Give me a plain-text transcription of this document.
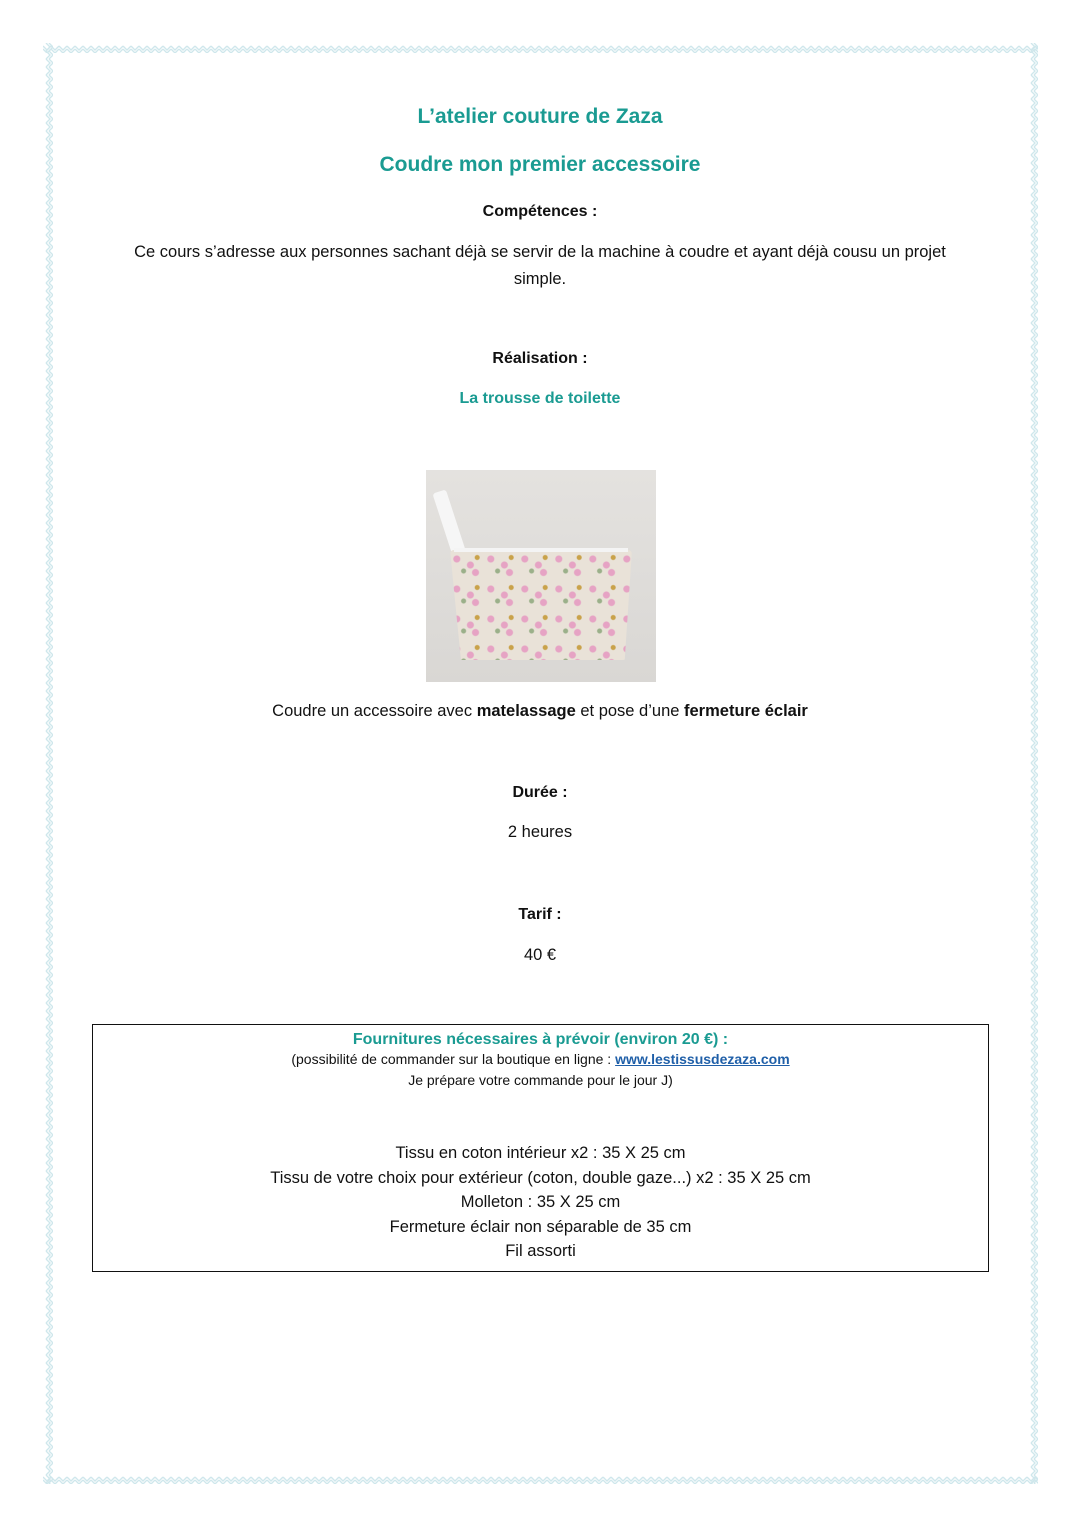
L’atelier couture de Zaza
Coudre mon premier accessoire
Compétences :
Ce cours s’adresse aux personnes sachant déjà se servir de la machine à coudre et ayant déjà cousu un projet simple.
Réalisation :
La trousse de toilette
Coudre un accessoire avec matelassage et pose d’une fermeture éclair
Durée :
2 heures
Tarif :
40 €
Fournitures nécessaires à prévoir (environ 20 €) :
(possibilité de commander sur la boutique en ligne : www.lestissusdezaza.com
Je prépare votre commande pour le jour J)
Tissu en coton intérieur x2 : 35 X 25 cm
Tissu de votre choix pour extérieur (coton, double gaze...) x2 : 35 X 25 cm
Molleton : 35 X 25 cm
Fermeture éclair non séparable de 35 cm
Fil assorti
